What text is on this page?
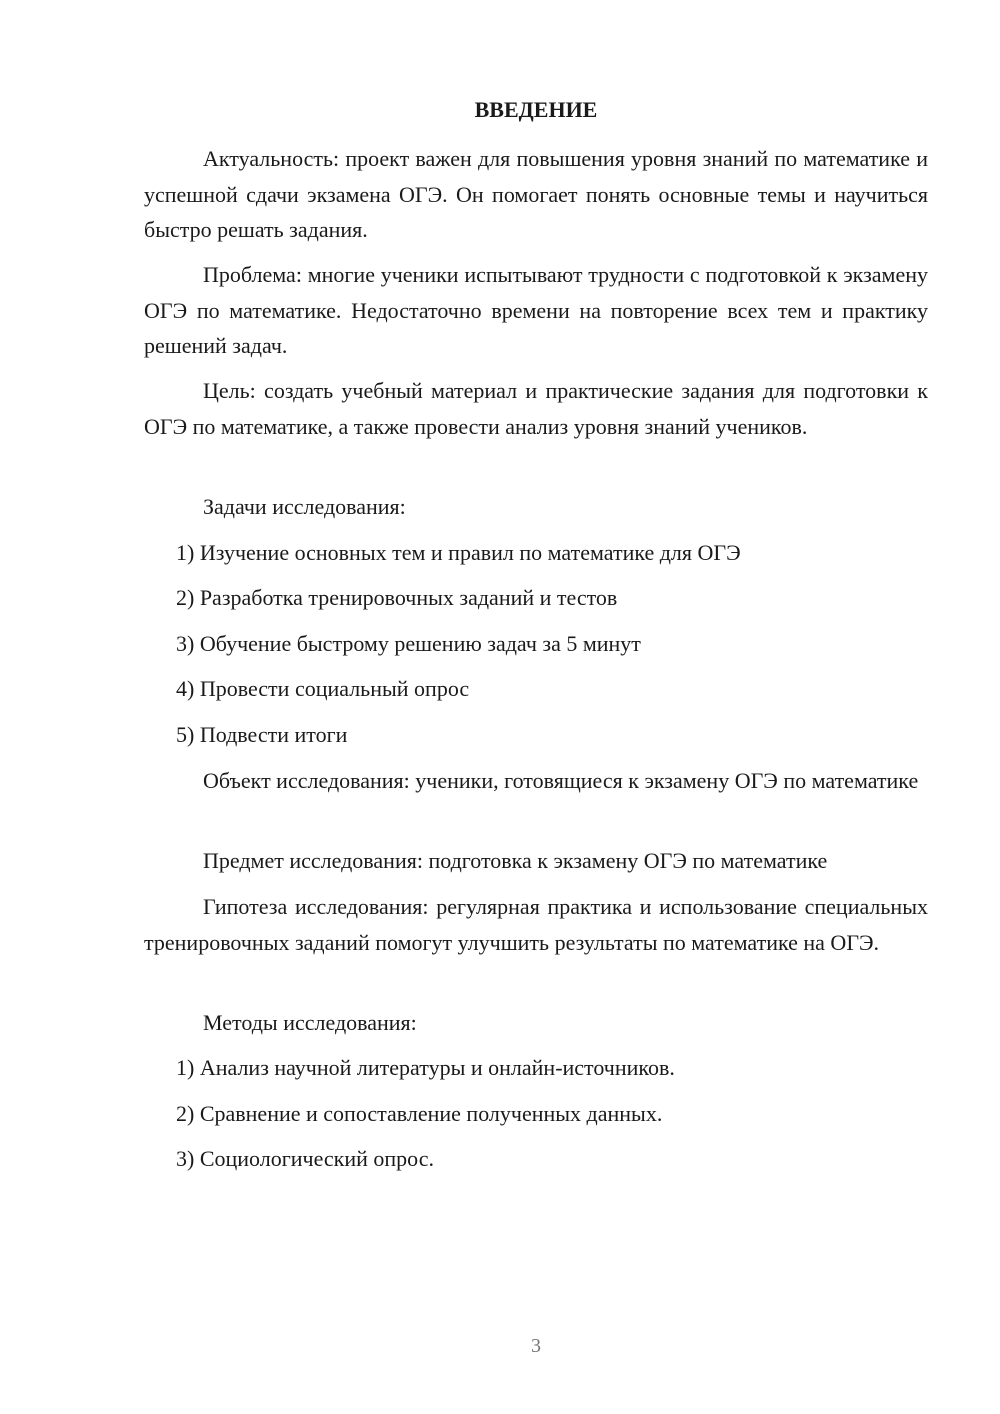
ВВЕДЕНИЕ

Актуальность: проект важен для повышения уровня знаний по математике и успешной сдачи экзамена ОГЭ. Он помогает понять основные темы и научиться быстро решать задания.

Проблема: многие ученики испытывают трудности с подготовкой к экзамену ОГЭ по математике. Недостаточно времени на повторение всех тем и практику решений задач.

Цель: создать учебный материал и практические задания для подготовки к ОГЭ по математике, а также провести анализ уровня знаний учеников.

Задачи исследования:

1) Изучение основных тем и правил по математике для ОГЭ

2) Разработка тренировочных заданий и тестов

3) Обучение быстрому решению задач за 5 минут

4) Провести социальный опрос

5) Подвести итоги

Объект исследования: ученики, готовящиеся к экзамену ОГЭ по математике

Предмет исследования: подготовка к экзамену ОГЭ по математике

Гипотеза исследования: регулярная практика и использование специальных тренировочных заданий помогут улучшить результаты по математике на ОГЭ.

Методы исследования:

1) Анализ научной литературы и онлайн-источников.

2) Сравнение и сопоставление полученных данных.

3) Социологический опрос.

3
